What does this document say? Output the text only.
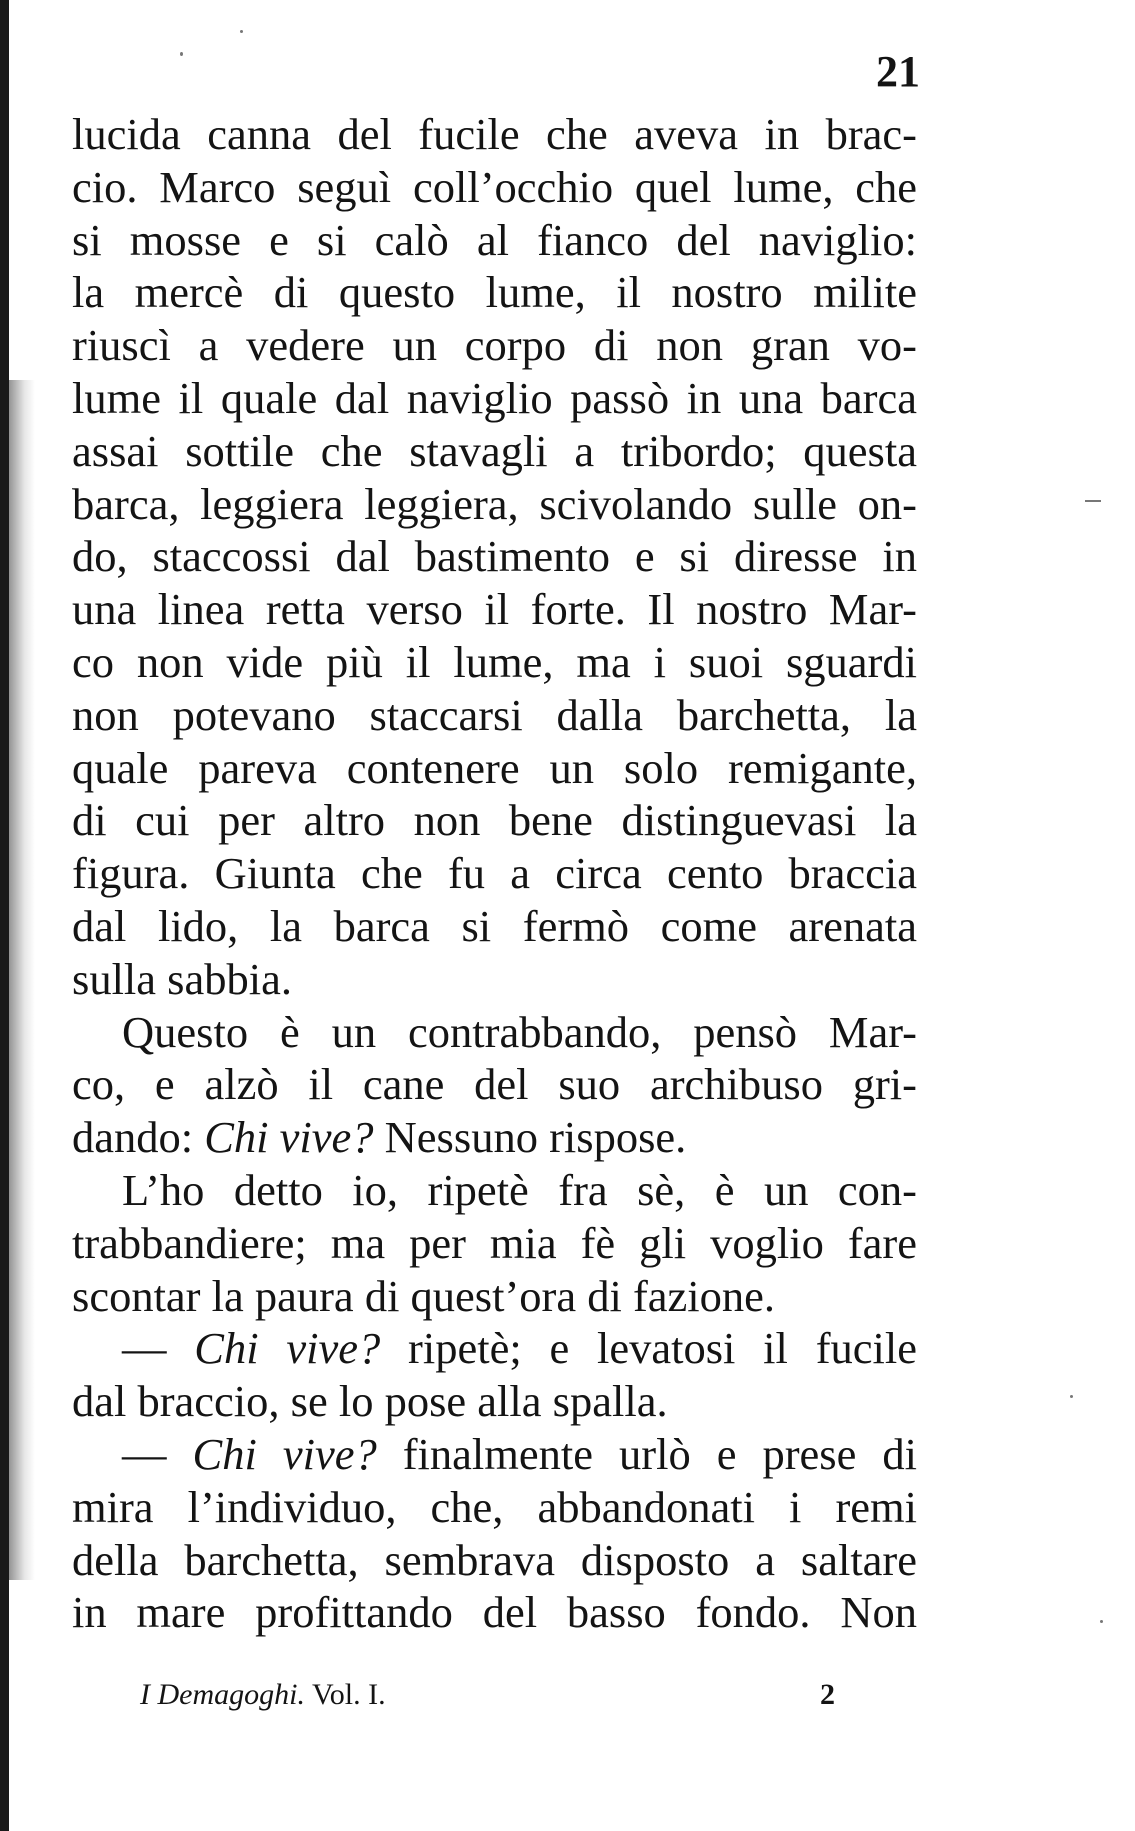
21
lucida canna del fucile che aveva in brac-
cio. Marco seguì coll’occhio quel lume, che
si mosse e si calò al fianco del naviglio:
la mercè di questo lume, il nostro milite
riuscì a vedere un corpo di non gran vo-
lume il quale dal naviglio passò in una barca
assai sottile che stavagli a tribordo; questa
barca, leggiera leggiera, scivolando sulle on-
do, staccossi dal bastimento e si diresse in
una linea retta verso il forte. Il nostro Mar-
co non vide più il lume, ma i suoi sguardi
non potevano staccarsi dalla barchetta, la
quale pareva contenere un solo remigante,
di cui per altro non bene distinguevasi la
figura. Giunta che fu a circa cento braccia
dal lido, la barca si fermò come arenata
sulla sabbia.
Questo è un contrabbando, pensò Mar-
co, e alzò il cane del suo archibuso gri-
dando: Chi vive? Nessuno rispose.
L’ho detto io, ripetè fra sè, è un con-
trabbandiere; ma per mia fè gli voglio fare
scontar la paura di quest’ora di fazione.
— Chi vive? ripetè; e levatosi il fucile
dal braccio, se lo pose alla spalla.
— Chi vive? finalmente urlò e prese di
mira l’individuo, che, abbandonati i remi
della barchetta, sembrava disposto a saltare
in mare profittando del basso fondo. Non
I Demagoghi. Vol. I.	2
